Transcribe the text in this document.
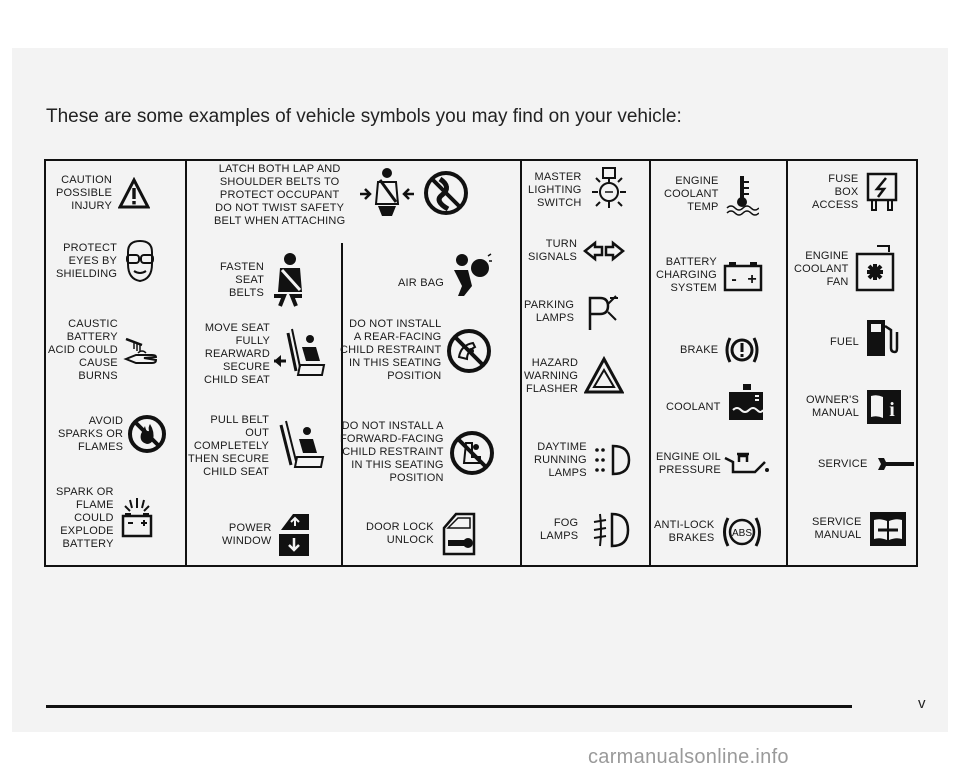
These are some examples of vehicle symbols you may find on your vehicle:
CAUTION
POSSIBLE
INJURY
PROTECT
EYES BY
SHIELDING
CAUSTIC
BATTERY
ACID COULD
CAUSE
BURNS
AVOID
SPARKS OR
FLAMES
SPARK OR
FLAME
COULD
EXPLODE
BATTERY
LATCH BOTH LAP AND
SHOULDER BELTS TO
PROTECT OCCUPANT
DO NOT TWIST SAFETY
BELT WHEN ATTACHING
FASTEN
SEAT
BELTS
MOVE SEAT
FULLY
REARWARD
SECURE
CHILD SEAT
PULL BELT
OUT
COMPLETELY
THEN SECURE
CHILD SEAT
POWER
WINDOW
AIR BAG
DO NOT INSTALL
A REAR-FACING
CHILD RESTRAINT
IN THIS SEATING
POSITION
DO NOT INSTALL A
FORWARD-FACING
CHILD RESTRAINT
IN THIS SEATING
POSITION
DOOR LOCK
UNLOCK
MASTER
LIGHTING
SWITCH
TURN
SIGNALS
PARKING
LAMPS
HAZARD
WARNING
FLASHER
DAYTIME
RUNNING
LAMPS
FOG
LAMPS
ENGINE
COOLANT
TEMP
BATTERY
CHARGING
SYSTEM
- +
BRAKE
COOLANT
ENGINE OIL
PRESSURE
ANTI-LOCK
BRAKES ABS
FUSE
BOX
ACCESS
ENGINE
COOLANT
FAN
FUEL
OWNER'S
MANUAL i
SERVICE
SERVICE
MANUAL
v
carmanualsonline.info
